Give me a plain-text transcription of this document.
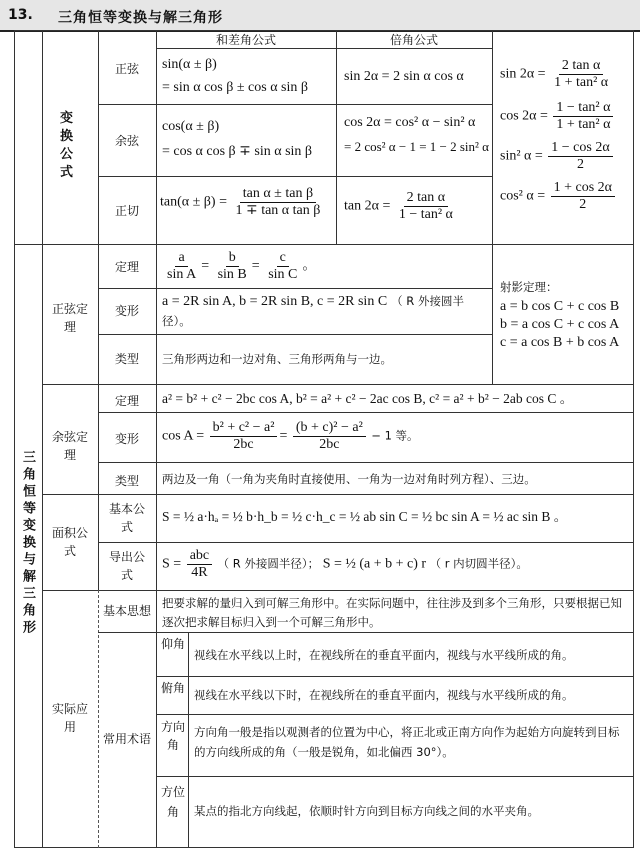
13. 三角恒等变换与解三角形
变换公式
和差角公式	倍角公式
正弦
余弦
正切
sin(α ± β)
= sin α cos β ± cos α sin β
sin 2α = 2 sin α cos α
cos(α ± β)
= cos α cos β ∓ sin α sin β
cos 2α = cos² α − sin² α
= 2 cos² α − 1 = 1 − 2 sin² α
$\tan(\alpha \pm \beta) = \frac{\text{tan α ± tan β}}{\text{1 ∓ tan α tan β}}$ $\tan 2\alpha = \frac{\text{2 tan α}}{\text{1 − tan² α}}$
$\sin 2\alpha = \frac{\text{2 tan α}}{\text{1 + tan² α}}$
$\cos 2\alpha = \frac{\text{1 − tan² α}}{\text{1 + tan² α}}$
sin² $\alpha = \frac{1 - \cos 2\alpha}{2}$
cos² $\alpha = \frac{1 + \cos 2\alpha}{2}$
三角恒等变换与解三角形
正弦定理
定理
变形
类型
$\frac{a}{\text{sin A}} = \frac{b}{\text{sin B}} = \frac{c}{\text{sin C}}$ 。
a = 2R sin A, b = 2R sin B, c = 2R sin C （ R 外接圆半
径）。
三角形两边和一边对角、三角形两角与一边。
射影定理：
a = b cos C + c cos B
b = a cos C + c cos A
c = a cos B + b cos A
余弦定理
定理
变形
类型
a² = b² + c² − 2bc cos A, b² = a² + c² − 2ac cos B, c² = a² + b² − 2ab cos C 。
$\cos A = \frac{\text{b² + c² − a²}}{2bc} = \frac{\text{(b + c)² − a²}}{2bc} - 1$ 等。
两边及一角（一角为夹角时直接使用、一角为一边对角时列方程）、三边。
面积公式
基本公式
导出公式
S = ½ a·hₐ = ½ b·h_b = ½ c·h_c = ½ ab sin C = ½ bc sin A = ½ ac sin B 。
$S = \frac{\text{abc}}{4R}$ （ R 外接圆半径）； S = ½ (a + b + c) r （ r 内切圆半径）。
实际应用
基本思想
把要求解的量归入到可解三角形中。在实际问题中，往往涉及到多个三角形，只要根据已知逐次把求解目标归入到一个可解三角形中。
常用术语
仰角
视线在水平线以上时，在视线所在的垂直平面内，视线与水平线所成的角。
俯角 视线在水平线以下时，在视线所在的垂直平面内，视线与水平线所成的角。
方向角
方向角一般是指以观测者的位置为中心，将正北或正南方向作为起始方向旋转到目标的方向线所成的角（一般是锐角，如北偏西 30°）。
方位角	某点的指北方向线起，依顺时针方向到目标方向线之间的水平夹角。
